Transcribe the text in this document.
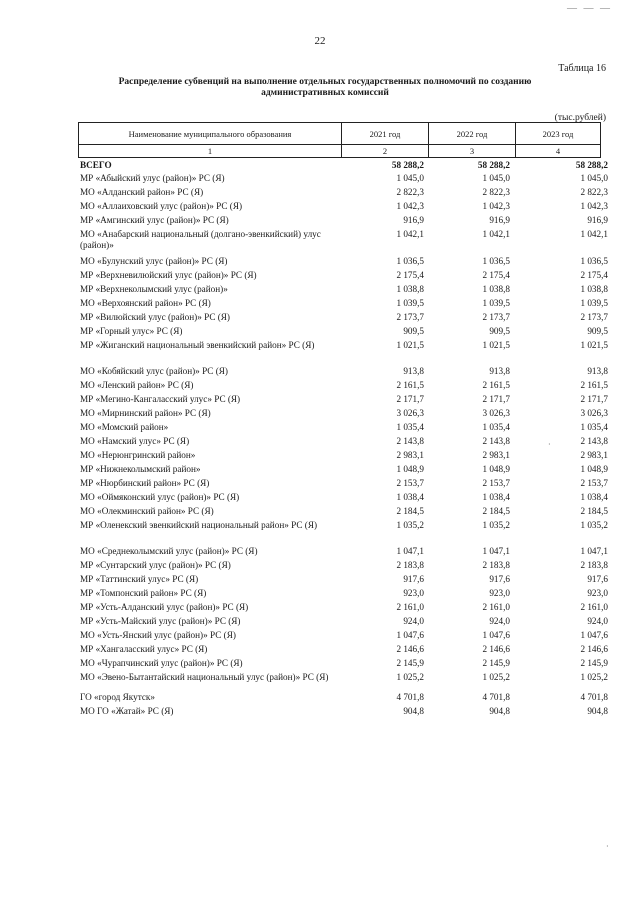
— — —
22
Таблица 16
Распределение субвенций на выполнение отдельных государственных полномочий по созданию административных комиссий
(тыс.рублей)
Наименование муниципального образования	2021 год	2022 год	2023 год
1	2	3	4
ВСЕГО	58 288,2	58 288,2	58 288,2
МР «Абыйский улус (район)» РС (Я)	1 045,0	1 045,0	1 045,0
МО «Алданский район» РС (Я)	2 822,3	2 822,3	2 822,3
МО «Аллаиховский улус (район)» РС (Я)	1 042,3	1 042,3	1 042,3
МР «Амгинский улус (район)» РС (Я)	916,9	916,9	916,9
МО «Анабарский национальный (долгано-эвенкийский) улус (район)»
1 042,1	1 042,1	1 042,1
МО «Булунский улус (район)» РС (Я)	1 036,5	1 036,5	1 036,5
МР «Верхневилюйский улус (район)» РС (Я)	2 175,4	2 175,4	2 175,4
МР «Верхнеколымский улус (район)»	1 038,8	1 038,8	1 038,8
МО «Верхоянский район» РС (Я)	1 039,5	1 039,5	1 039,5
МР «Вилюйский улус (район)» РС (Я)	2 173,7	2 173,7	2 173,7
МР «Горный улус» РС (Я)	909,5	909,5	909,5
МР «Жиганский национальный эвенкийский район» РС (Я)	1 021,5	1 021,5	1 021,5
МО «Кобяйский улус (район)» РС (Я)	913,8	913,8	913,8
МО «Ленский район» РС (Я)	2 161,5	2 161,5	2 161,5
МР «Мегино-Кангаласский улус» РС (Я)	2 171,7	2 171,7	2 171,7
МО «Мирнинский район» РС (Я)	3 026,3	3 026,3	3 026,3
МО «Момский район»	1 035,4	1 035,4	1 035,4
МО «Намский улус» РС (Я)	2 143,8	2 143,8	2 143,8
МО «Нерюнгринский район»	2 983,1	2 983,1	2 983,1
МР «Нижнеколымский район»	1 048,9	1 048,9	1 048,9
МР «Нюрбинский район» РС (Я)	2 153,7	2 153,7	2 153,7
МО «Оймяконский улус (район)» РС (Я)	1 038,4	1 038,4	1 038,4
МО «Олекминский район» РС (Я)	2 184,5	2 184,5	2 184,5
МР «Оленекский эвенкийский национальный район» РС (Я)	1 035,2	1 035,2	1 035,2
МО «Среднеколымский улус (район)» РС (Я)	1 047,1	1 047,1	1 047,1
МР «Сунтарский улус (район)» РС (Я)	2 183,8	2 183,8	2 183,8
МР «Таттинский улус» РС (Я)	917,6	917,6	917,6
МР «Томпонский район» РС (Я)	923,0	923,0	923,0
МР «Усть-Алданский улус (район)» РС (Я)	2 161,0	2 161,0	2 161,0
МР «Усть-Майский улус (район)» РС (Я)	924,0	924,0	924,0
МО «Усть-Янский улус (район)» РС (Я)	1 047,6	1 047,6	1 047,6
МР «Хангаласский улус» РС (Я)	2 146,6	2 146,6	2 146,6
МО «Чурапчинский улус (район)» РС (Я)	2 145,9	2 145,9	2 145,9
МО «Эвено-Бытантайский национальный улус (район)» РС (Я)	1 025,2	1 025,2	1 025,2
ГО «город Якутск»	4 701,8	4 701,8	4 701,8
МО ГО «Жатай» РС (Я)	904,8	904,8	904,8
·
·
